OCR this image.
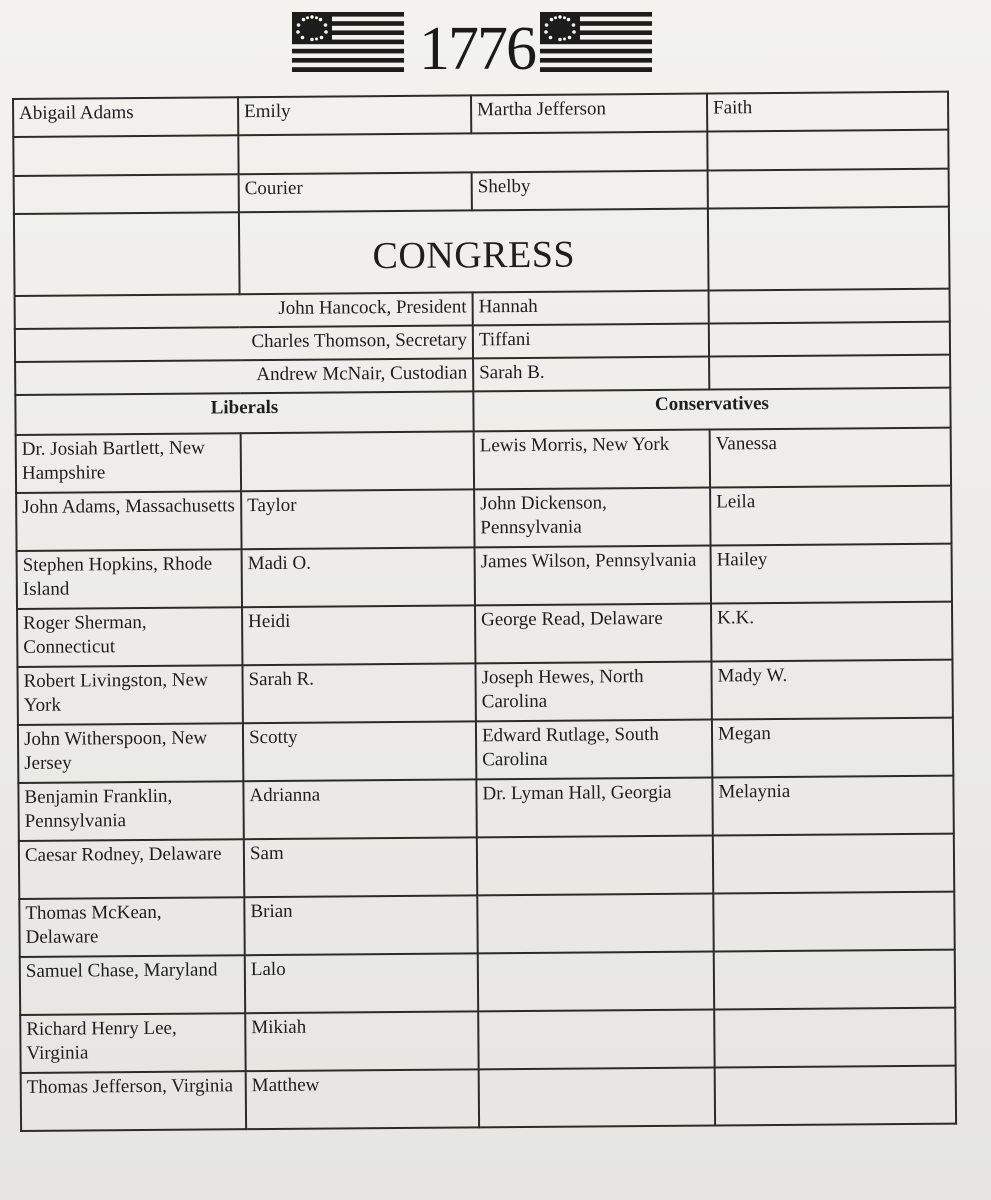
1776
Abigail Adams	Emily	Martha Jefferson	Faith

	Courier	Shelby	

	CONGRESS		

John Hancock, President		Hannah	
Charles Thomson, Secretary		Tiffani	
Andrew McNair, Custodian		Sarah B.	
Liberals		Conservatives	
Dr. Josiah Bartlett, New Hampshire		Lewis Morris, New York	Vanessa
John Adams, Massachusetts	Taylor	John Dickenson, Pennsylvania	Leila
Stephen Hopkins, Rhode Island	Madi O.	James Wilson, Pennsylvania	Hailey
Roger Sherman, Connecticut	Heidi	George Read, Delaware	K.K.
Robert Livingston, New York	Sarah R.	Joseph Hewes, North Carolina	Mady W.
John Witherspoon, New Jersey	Scotty	Edward Rutlage, South Carolina	Megan
Benjamin Franklin, Pennsylvania	Adrianna	Dr. Lyman Hall, Georgia	Melaynia
Caesar Rodney, Delaware	Sam		
Thomas McKean, Delaware	Brian		
Samuel Chase, Maryland	Lalo		
Richard Henry Lee, Virginia	Mikiah		
Thomas Jefferson, Virginia	Matthew		
